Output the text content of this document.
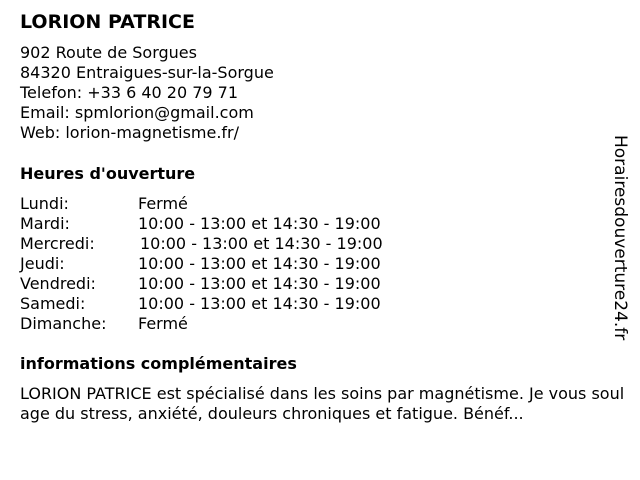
LORION PATRICE
902 Route de Sorgues
84320 Entraigues-sur-la-Sorgue
Telefon: +33 6 40 20 79 71
Email: spmlorion@gmail.com
Web: lorion-magnetisme.fr/
Heures d'ouverture
Lundi:	Fermé
Mardi:	10:00 - 13:00 et 14:30 - 19:00
Mercredi:	10:00 - 13:00 et 14:30 - 19:00
Jeudi:	10:00 - 13:00 et 14:30 - 19:00
Vendredi:	10:00 - 13:00 et 14:30 - 19:00
Samedi:	10:00 - 13:00 et 14:30 - 19:00
Dimanche: Fermé
informations complémentaires
LORION PATRICE est spécialisé dans les soins par magnétisme. Je vous soulage du stress, anxiété, douleurs chroniques et fatigue. Bénéf...
Horairesdouverture24.fr
